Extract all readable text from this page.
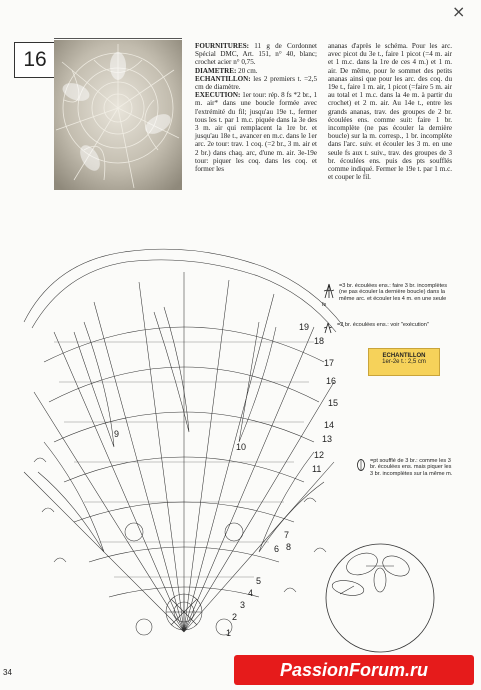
×
16

FOURNITURES: 11 g de Cordonnet Spécial DMC, Art. 151, n° 40, blanc; crochet acier n° 0,75.

DIAMETRE: 20 cm.

ECHANTILLON: les 2 premiers t. =2,5 cm de diamètre.

EXECUTION: 1er tour: rép. 8 fs *2 br., 1 m. air* dans une boucle formée avec l'extrémité du fil; jusqu'au 19e t., fermer tous les t. par 1 m.c. piquée dans la 3e des 3 m. air qui remplacent la 1re br. et jusqu'au 18e t., avancer en m.c. dans le 1er arc. 2e tour: trav. 1 coq. (=2 br., 3 m. air et 2 br.) dans chaq. arc, d'une m. air. 3e-19e tour: piquer les coq. dans les coq. et former les

ananas d'après le schéma. Pour les arc. avec picot du 3e t., faire 1 picot (=4 m. air et 1 m.c. dans la 1re de ces 4 m.) et 1 m. air. De même, pour le sommet des petits ananas ainsi que pour les arc. des coq. du 19e t., faire 1 m. air, 1 picot (=faire 5 m. air au total et 1 m.c. dans la 4e m. à partir du crochet) et 2 m. air. Au 14e t., entre les grands ananas, trav. des groupes de 2 br. écoulées ens. comme suit: faire 1 br. incomplète (ne pas écouler la dernière boucle) sur la m. corresp., 1 br. incomplète dans l'arc. suiv. et écouler les 3 m. en une seule fs aux t. suiv., trav. des groupes de 3 br. écoulées ens. puis des pts soufflés comme indiqué. Fermer le 19e t. par 1 m.c. et couper le fil.

=3 br. écoulées ens.: faire 3 br. incomplètes (ne pas écouler la dernière boucle) dans la même arc. et écouler les 4 m. en une seule fs
=2 br. écoulées ens.: voir "exécution"
=pt soufflé de 3 br.: comme les 3 br. écoulées ens. mais piquer les 3 br. incomplètes sur la même m.
ECHANTILLON
1er-2e t.: 2,5 cm
19
18
17
16
15
14
13
12
11
10
9
8
7
6
5
4
3
2
1
34	PassionForum.ru
